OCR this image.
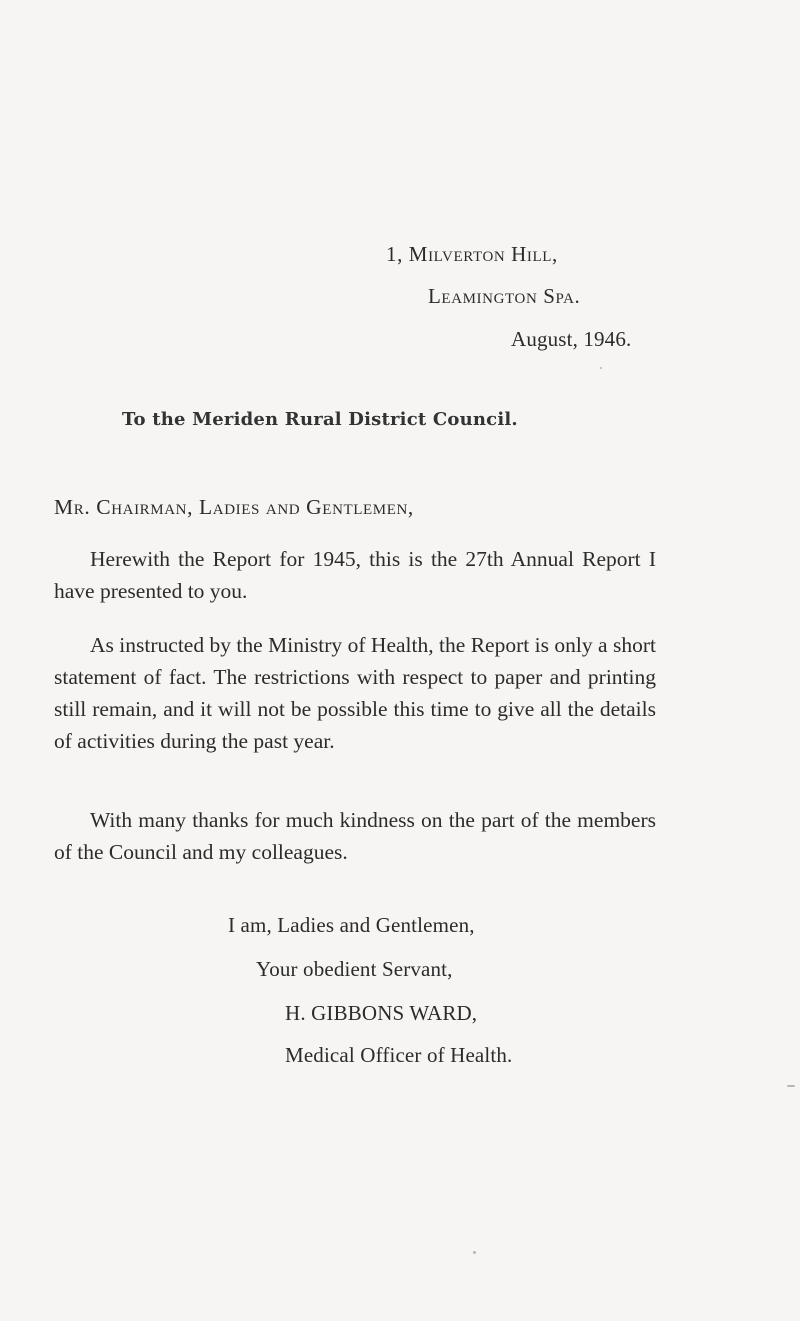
1, Milverton Hill,
Leamington Spa.
August, 1946.
To the Meriden Rural District Council.
Mr. Chairman, Ladies and Gentlemen,
Herewith the Report for 1945, this is the 27th Annual Report I have presented to you.
As instructed by the Ministry of Health, the Report is only a short statement of fact. The restrictions with respect to paper and printing still remain, and it will not be possible this time to give all the details of activities during the past year.
With many thanks for much kindness on the part of the members of the Council and my colleagues.
I am, Ladies and Gentlemen,
Your obedient Servant,
H. GIBBONS WARD,
Medical Officer of Health.
